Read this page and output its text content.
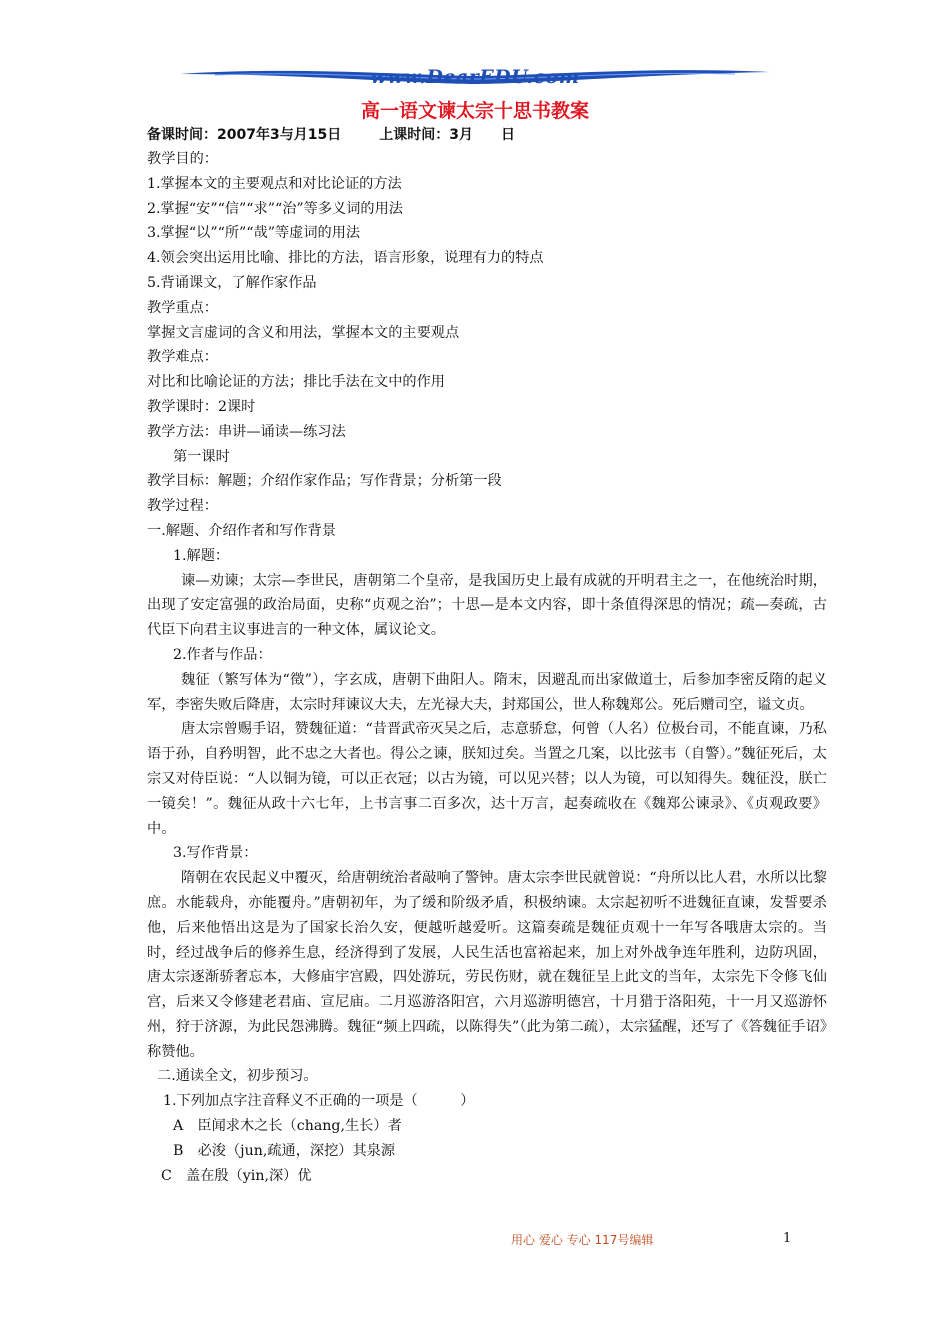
www.DearEDU.com
高一语文谏太宗十思书教案
备课时间：2007年3与月15日	上课时间：3月　　日

教学目的：

1.掌握本文的主要观点和对比论证的方法

2.掌握“安”“信”“求”“治”等多义词的用法

3.掌握“以”“所”“哉”等虚词的用法

4.领会突出运用比喻、排比的方法，语言形象，说理有力的特点

5.背诵课文，了解作家作品

教学重点：

掌握文言虚词的含义和用法，掌握本文的主要观点

教学难点：

对比和比喻论证的方法；排比手法在文中的作用

教学课时：2课时

教学方法：串讲—诵读—练习法

第一课时

教学目标：解题；介绍作家作品；写作背景；分析第一段

教学过程：

一.解题、介绍作者和写作背景

1.解题：

谏—劝谏；太宗—李世民，唐朝第二个皇帝，是我国历史上最有成就的开明君主之一，在他统治时期，出现了安定富强的政治局面，史称“贞观之治”；十思—是本文内容，即十条值得深思的情况；疏—奏疏，古代臣下向君主议事进言的一种文体，属议论文。

2.作者与作品：

魏征（繁写体为“徵”），字玄成，唐朝下曲阳人。隋末，因避乱而出家做道士，后参加李密反隋的起义军，李密失败后降唐，太宗时拜谏议大夫，左光禄大夫，封郑国公，世人称魏郑公。死后赠司空，谥文贞。

唐太宗曾赐手诏，赞魏征道：“昔晋武帝灭吴之后，志意骄怠，何曾（人名）位极台司，不能直谏，乃私语于孙，自矜明智，此不忠之大者也。得公之谏，朕知过矣。当置之几案，以比弦韦（自警）。”魏征死后，太宗又对侍臣说：“人以铜为镜，可以正衣冠；以古为镜，可以见兴替；以人为镜，可以知得失。魏征没，朕亡一镜矣！”。魏征从政十六七年，上书言事二百多次，达十万言，起奏疏收在《魏郑公谏录》、《贞观政要》中。

3.写作背景：

隋朝在农民起义中覆灭，给唐朝统治者敲响了警钟。唐太宗李世民就曾说：“舟所以比人君，水所以比黎庶。水能载舟，亦能覆舟。”唐朝初年，为了缓和阶级矛盾，积极纳谏。太宗起初听不进魏征直谏，发誓要杀他，后来他悟出这是为了国家长治久安，便越听越爱听。这篇奏疏是魏征贞观十一年写各哦唐太宗的。当时，经过战争后的修养生息，经济得到了发展，人民生活也富裕起来，加上对外战争连年胜利，边防巩固，唐太宗逐渐骄奢忘本，大修庙宇宫殿，四处游玩，劳民伤财，就在魏征呈上此文的当年，太宗先下令修飞仙宫，后来又令修建老君庙、宣尼庙。二月巡游洛阳宫，六月巡游明德宫，十月猎于洛阳苑，十一月又巡游怀州，狩于济源，为此民怨沸腾。魏征“频上四疏，以陈得失”（此为第二疏），太宗猛醒，还写了《答魏征手诏》称赞他。

二.通读全文，初步预习。

1.下列加点字注音释义不正确的一项是（　　　）

A　臣闻求木之长（chang,生长）者

B　必浚（jun,疏通，深挖）其泉源

C　盖在殷（yin,深）优

用心 爱心 专心 117号编辑	1
